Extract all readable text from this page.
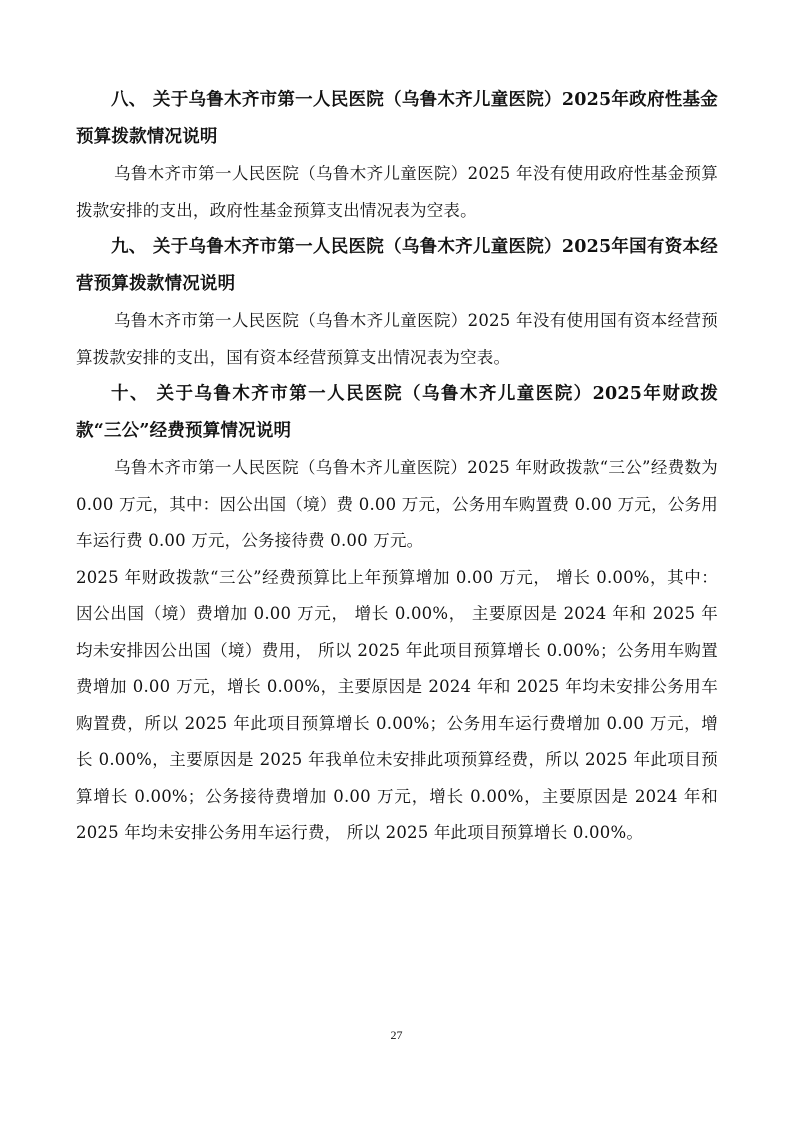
八、 关于乌鲁木齐市第一人民医院（乌鲁木齐儿童医院）2025年政府性基金预算拨款情况说明

乌鲁木齐市第一人民医院（乌鲁木齐儿童医院）2025 年没有使用政府性基金预算拨款安排的支出，政府性基金预算支出情况表为空表。

九、 关于乌鲁木齐市第一人民医院（乌鲁木齐儿童医院）2025年国有资本经营预算拨款情况说明

乌鲁木齐市第一人民医院（乌鲁木齐儿童医院）2025 年没有使用国有资本经营预算拨款安排的支出，国有资本经营预算支出情况表为空表。

十、 关于乌鲁木齐市第一人民医院（乌鲁木齐儿童医院）2025年财政拨款“三公”经费预算情况说明

乌鲁木齐市第一人民医院（乌鲁木齐儿童医院）2025 年财政拨款“三公”经费数为 0.00 万元，其中：因公出国（境）费 0.00 万元，公务用车购置费 0.00 万元，公务用车运行费 0.00 万元，公务接待费 0.00 万元。

2025 年财政拨款“三公”经费预算比上年预算增加 0.00 万元， 增长 0.00%，其中：因公出国（境）费增加 0.00 万元， 增长 0.00%， 主要原因是 2024 年和 2025 年均未安排因公出国（境）费用， 所以 2025 年此项目预算增长 0.00%；公务用车购置费增加 0.00 万元，增长 0.00%，主要原因是 2024 年和 2025 年均未安排公务用车购置费，所以 2025 年此项目预算增长 0.00%；公务用车运行费增加 0.00 万元，增长 0.00%，主要原因是 2025 年我单位未安排此项预算经费，所以 2025 年此项目预算增长 0.00%；公务接待费增加 0.00 万元，增长 0.00%，主要原因是 2024 年和 2025 年均未安排公务用车运行费， 所以 2025 年此项目预算增长 0.00%。

27
